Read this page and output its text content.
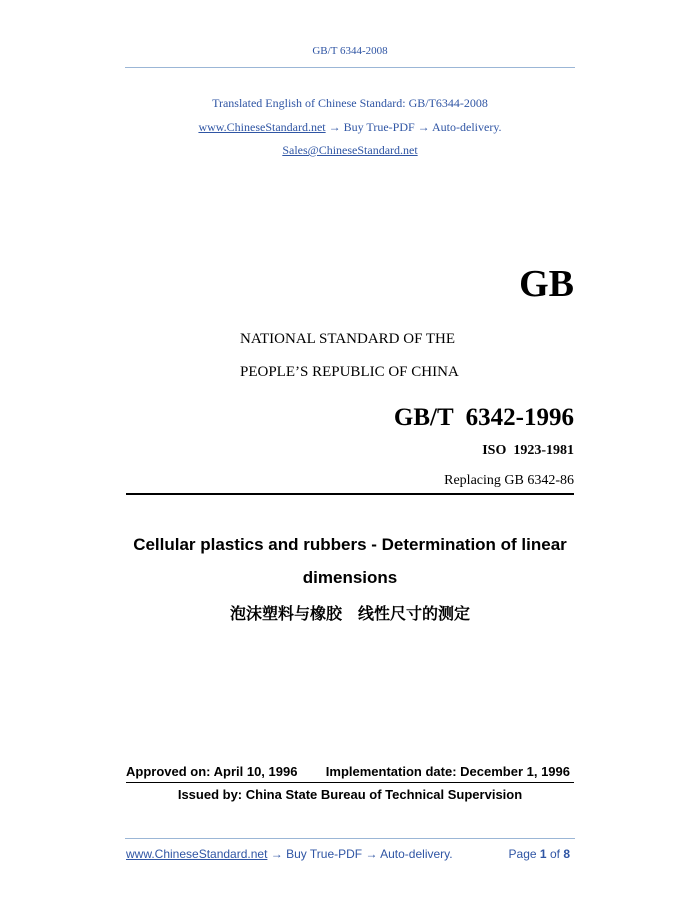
GB/T 6344-2008
Translated English of Chinese Standard: GB/T6344-2008
www.ChineseStandard.net → Buy True-PDF → Auto-delivery.
Sales@ChineseStandard.net
GB
NATIONAL STANDARD OF THE
PEOPLE’S REPUBLIC OF CHINA
GB/T  6342-1996
ISO  1923-1981
Replacing GB 6342-86
Cellular plastics and rubbers - Determination of linear
dimensions
泡沫塑料与橡胶　线性尺寸的测定
Approved on: April 10, 1996 Implementation date: December 1, 1996
Issued by: China State Bureau of Technical Supervision
www.ChineseStandard.net → Buy True-PDF → Auto-delivery.	Page 1 of 8
